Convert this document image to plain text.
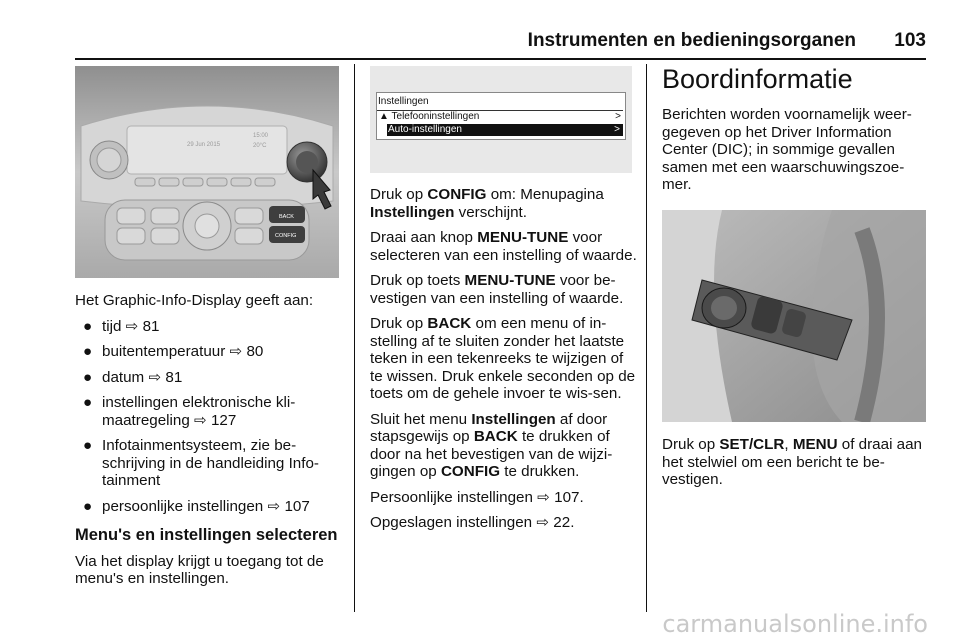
Instrumenten en bedieningsorganen 103
29 Jun 2015
15:00
20°C
BACK
CONFIG

Het Graphic-Info-Display geeft aan:

● tijd ⇨ 81
● buitentemperatuur ⇨ 80
● datum ⇨ 81
● instellingen elektronische kli-maatregeling ⇨ 127
● Infotainmentsysteem, zie be-schrijving in de handleiding Info-tainment
● persoonlijke instellingen ⇨ 107
Menu's en instellingen selecteren

Via het display krijgt u toegang tot de menu's en instellingen.

Instellingen
▲ Telefooninstellingen	>
Auto-instellingen	>

Druk op CONFIG om: Menupagina Instellingen verschijnt.

Draai aan knop MENU-TUNE voor selecteren van een instelling of waarde.

Druk op toets MENU-TUNE voor be-vestigen van een instelling of waarde.

Druk op BACK om een menu of in-stelling af te sluiten zonder het laatste teken in een tekenreeks te wijzigen of te wissen. Druk enkele seconden op de toets om de gehele invoer te wis-sen.

Sluit het menu Instellingen af door stapsgewijs op BACK te drukken of door na het bevestigen van de wijzi-gingen op CONFIG te drukken.

Persoonlijke instellingen ⇨ 107.

Opgeslagen instellingen ⇨ 22.

Boordinformatie

Berichten worden voornamelijk weer-gegeven op het Driver Information Center (DIC); in sommige gevallen samen met een waarschuwingszoe-mer.

Druk op SET/CLR, MENU of draai aan het stelwiel om een bericht te be-vestigen.

carmanualsonline.info
